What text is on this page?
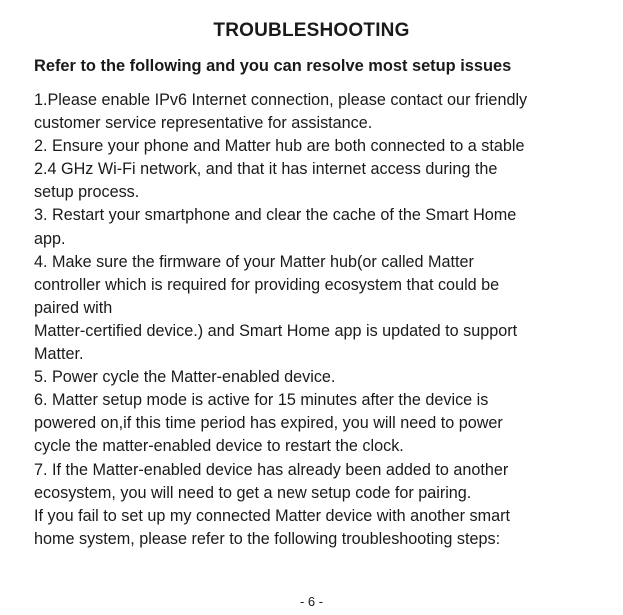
TROUBLESHOOTING
Refer to the following and you can resolve most setup issues
1.Please enable IPv6 Internet connection, please contact our friendly
customer service representative for assistance.
2. Ensure your phone and Matter hub are both connected to a stable
2.4 GHz Wi-Fi network, and that it has internet access during the
setup process.
3. Restart your smartphone and clear the cache of the Smart Home
app.
4. Make sure the firmware of your Matter hub(or called Matter
controller which is required for providing ecosystem that could be
paired with
Matter-certified device.) and Smart Home app is updated to support
Matter.
5. Power cycle the Matter-enabled device.
6. Matter setup mode is active for 15 minutes after the device is
powered on,if this time period has expired, you will need to power
cycle the matter-enabled device to restart the clock.
7. If the Matter-enabled device has already been added to another
ecosystem, you will need to get a new setup code for pairing.
If you fail to set up my connected Matter device with another smart
home system, please refer to the following troubleshooting steps:
- 6 -
